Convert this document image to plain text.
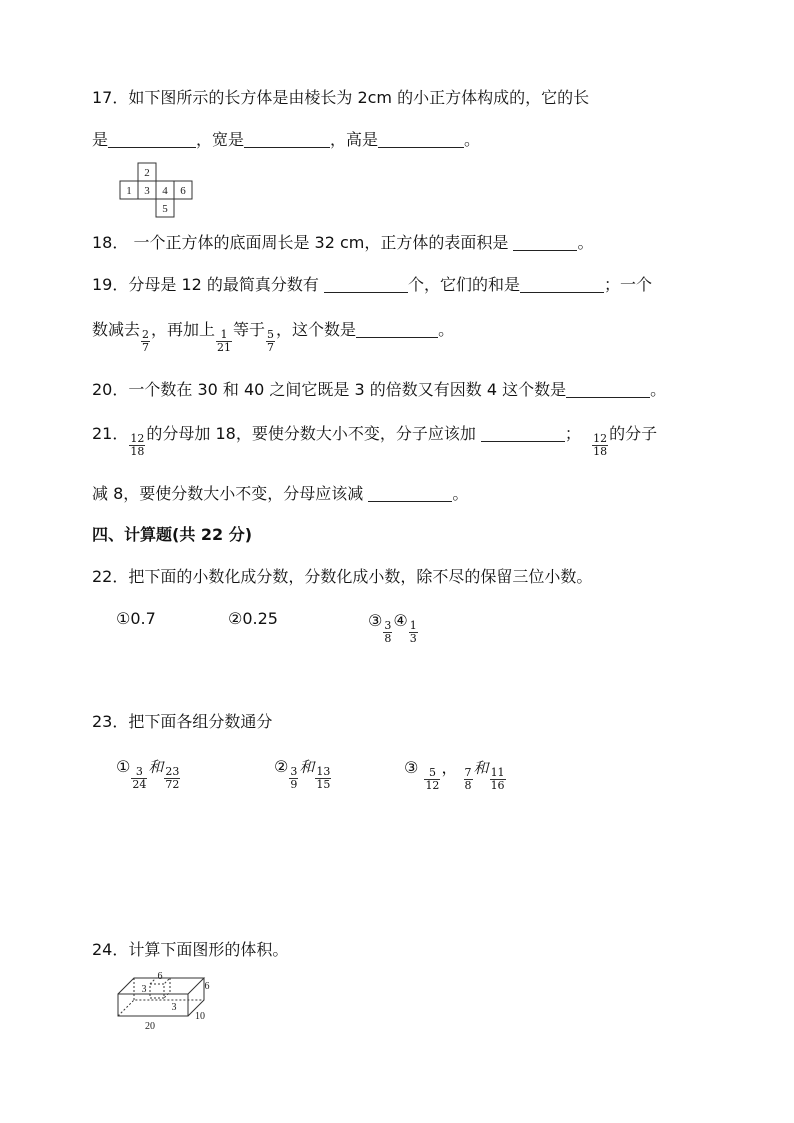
17．如下图所示的长方体是由棱长为 2cm 的小正方体构成的，它的长
是	，宽是	，高是	。
2
1 3 4 6
5
18． 一个正方体的底面周长是 32 cm，正方体的表面积是	。
19．分母是 12 的最简真分数有	个，它们的和是	；一个
数减去 $\frac{2}{7}$ ，再加上 $\frac{1}{21}$ 等于 $\frac{5}{7}$ ，这个数是	。
20．一个数在 30 和 40 之间它既是 3 的倍数又有因数 4 这个数是	。
21． $\frac{12}{18}$ 的分母加 18，要使分数大小不变，分子应该加	； $\frac{12}{18}$ 的分子
减 8，要使分数大小不变，分母应该减	。
四、计算题(共 22 分)
22．把下面的小数化成分数，分数化成小数，除不尽的保留三位小数。
①0.7	②0.25	③ $\frac{3}{8}$ ④ $\frac{1}{3}$
23．把下面各组分数通分
① $\frac{3}{24}$ 和 $\frac{23}{72}$	② $\frac{3}{9}$ 和 $\frac{13}{15}$	③ $\frac{5}{12}$ ， $\frac{7}{8}$ 和 $\frac{11}{16}$
24．计算下面图形的体积。
6
3
3
6
10
20
